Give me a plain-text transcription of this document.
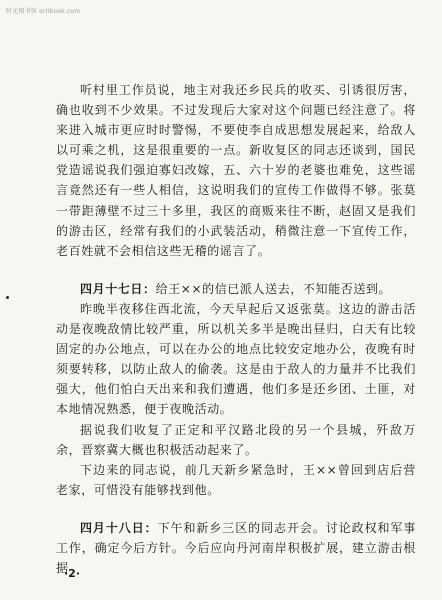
时光图书馆 orlibook.com

听村里工作员说，地主对我还乡民兵的收买、引诱很厉害，确也收到不少效果。不过发现后大家对这个问题已经注意了。将来进入城市更应时时警惕，不要使李自成思想发展起来，给敌人以可乘之机，这是很重要的一点。新收复区的同志还谈到，国民党造谣说我们强迫寡妇改嫁，五、六十岁的老婆也难免，这些谣言竟然还有一些人相信，这说明我们的宣传工作做得不够。张莫一带距薄壁不过三十多里，我区的商贩来往不断，赵固又是我们的游击区，经常有我们的小武装活动，稍微注意一下宣传工作，老百姓就不会相信这些无稽的谣言了。

四月十七日：给王××的信已派人送去，不知能否送到。

昨晚半夜移住西北流，今天早起后又返张莫。这边的游击活动是夜晚敌情比较严重，所以机关多半是晚出昼归，白天有比较固定的办公地点，可以在办公的地点比较安定地办公，夜晚有时须要转移，以防止敌人的偷袭。这是由于敌人的力量并不比我们强大，他们怕白天出来和我们遭遇，他们多是还乡团、土匪，对本地情况熟悉，便于夜晚活动。

据说我们收复了正定和平汉路北段的另一个县城，歼敌万余，晋察冀大概也积极活动起来了。

下边来的同志说，前几天新乡紧急时，王××曾回到店后营老家，可惜没有能够找到他。

四月十八日：下午和新乡三区的同志开会。讨论政权和军事工作，确定今后方针。今后应向丹河南岸积极扩展，建立游击根据

·2·
